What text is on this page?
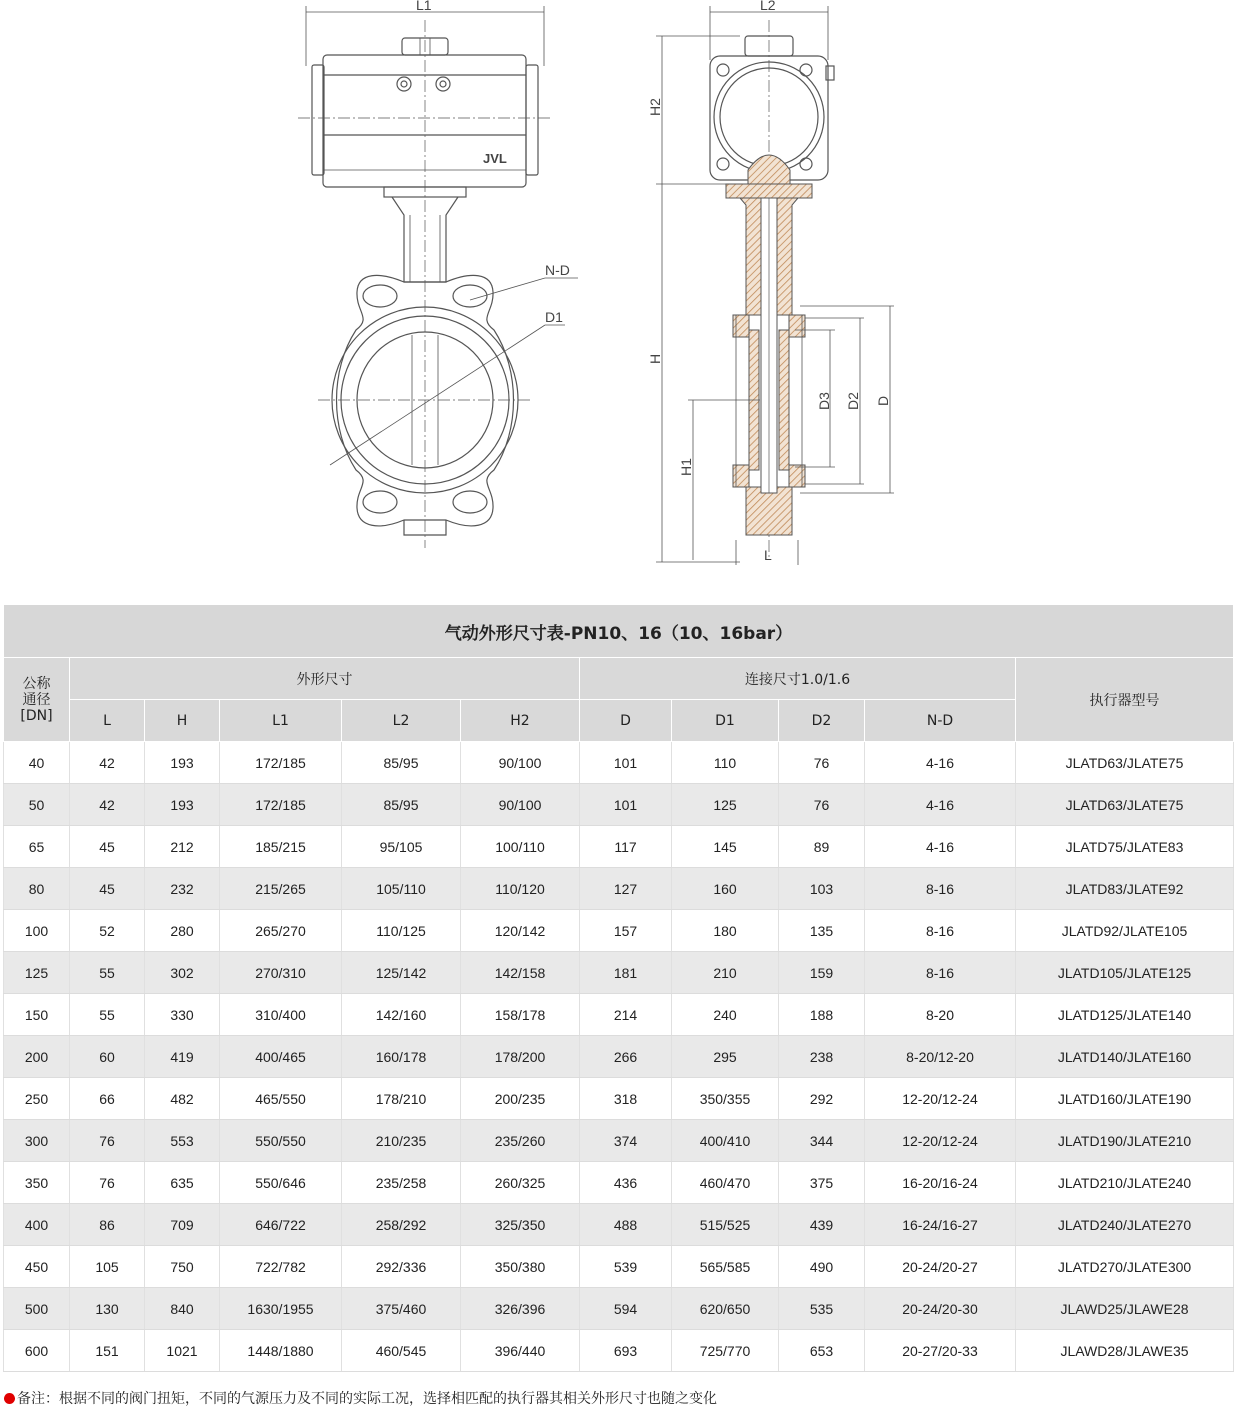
L1
JVL
N-D
D1
L2
L
H2
H
H1
D3 D2 D
气动外形尺寸表-PN10、16（10、16bar）										

公称
通径
[DN]	外形尺寸					连接尺寸1.0/1.6				执行器型号
	L	H	L1	L2	H2	D	D1	D2	N-D	
40	42	193	172/185	85/95	90/100	101	110	76	4-16	JLATD63/JLATE75
50	42	193	172/185	85/95	90/100	101	125	76	4-16	JLATD63/JLATE75
65	45	212	185/215	95/105	100/110	117	145	89	4-16	JLATD75/JLATE83
80	45	232	215/265	105/110	110/120	127	160	103	8-16	JLATD83/JLATE92
100	52	280	265/270	110/125	120/142	157	180	135	8-16	JLATD92/JLATE105
125	55	302	270/310	125/142	142/158	181	210	159	8-16	JLATD105/JLATE125
150	55	330	310/400	142/160	158/178	214	240	188	8-20	JLATD125/JLATE140
200	60	419	400/465	160/178	178/200	266	295	238	8-20/12-20	JLATD140/JLATE160
250	66	482	465/550	178/210	200/235	318	350/355	292	12-20/12-24	JLATD160/JLATE190
300	76	553	550/550	210/235	235/260	374	400/410	344	12-20/12-24	JLATD190/JLATE210
350	76	635	550/646	235/258	260/325	436	460/470	375	16-20/16-24	JLATD210/JLATE240
400	86	709	646/722	258/292	325/350	488	515/525	439	16-24/16-27	JLATD240/JLATE270
450	105	750	722/782	292/336	350/380	539	565/585	490	20-24/20-27	JLATD270/JLATE300
500	130	840	1630/1955	375/460	326/396	594	620/650	535	20-24/20-30	JLAWD25/JLAWE28
600	151	1021	1448/1880	460/545	396/440	693	725/770	653	20-27/20-33	JLAWD28/JLAWE35
备注：根据不同的阀门扭矩，不同的气源压力及不同的实际工况，选择相匹配的执行器其相关外形尺寸也随之变化
